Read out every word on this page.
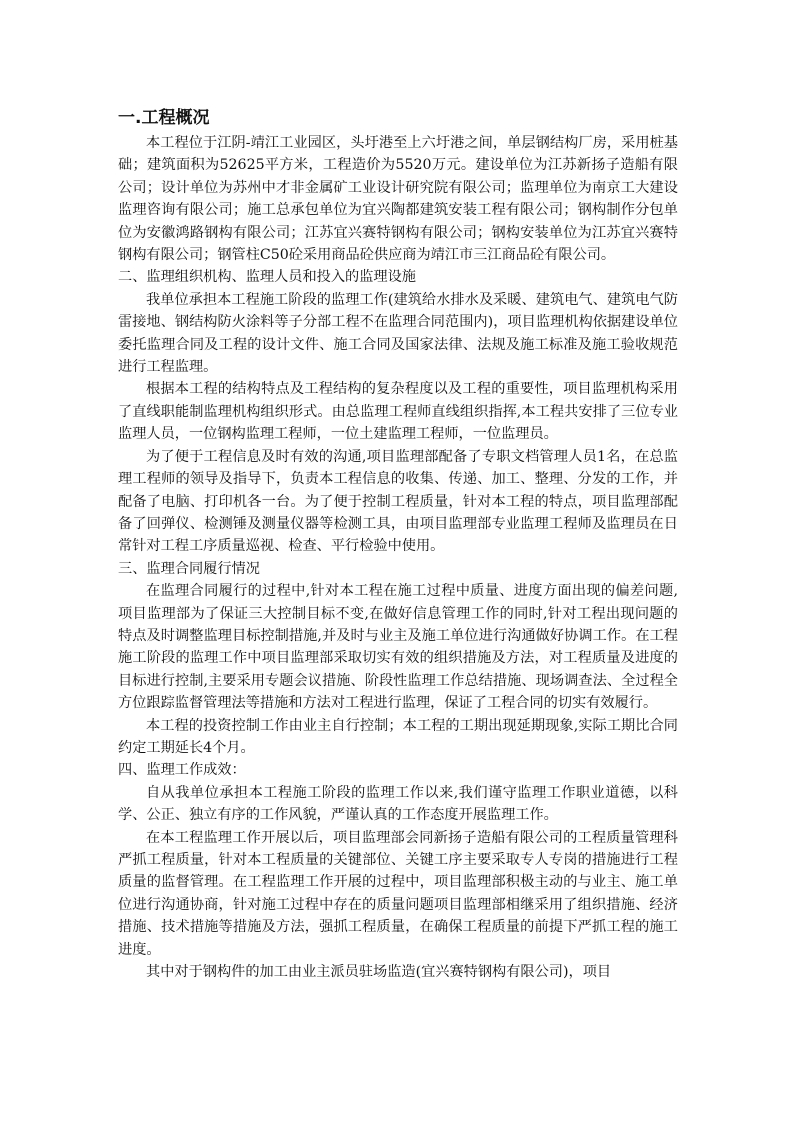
一.工程概况

本工程位于江阴-靖江工业园区，头圩港至上六圩港之间，单层钢结构厂房，采用桩基础；建筑面积为52625平方米，工程造价为5520万元。建设单位为江苏新扬子造船有限公司；设计单位为苏州中才非金属矿工业设计研究院有限公司；监理单位为南京工大建设监理咨询有限公司；施工总承包单位为宜兴陶都建筑安装工程有限公司；钢构制作分包单位为安徽鸿路钢构有限公司；江苏宜兴赛特钢构有限公司；钢构安装单位为江苏宜兴赛特钢构有限公司；钢管柱C50砼采用商品砼供应商为靖江市三江商品砼有限公司。

二、监理组织机构、监理人员和投入的监理设施

我单位承担本工程施工阶段的监理工作(建筑给水排水及采暖、建筑电气、建筑电气防雷接地、钢结构防火涂料等子分部工程不在监理合同范围内)，项目监理机构依据建设单位委托监理合同及工程的设计文件、施工合同及国家法律、法规及施工标准及施工验收规范进行工程监理。

根据本工程的结构特点及工程结构的复杂程度以及工程的重要性，项目监理机构采用了直线职能制监理机构组织形式。由总监理工程师直线组织指挥,本工程共安排了三位专业监理人员，一位钢构监理工程师，一位土建监理工程师，一位监理员。

为了便于工程信息及时有效的沟通,项目监理部配备了专职文档管理人员1名，在总监理工程师的领导及指导下，负责本工程信息的收集、传递、加工、整理、分发的工作，并配备了电脑、打印机各一台。为了便于控制工程质量，针对本工程的特点，项目监理部配备了回弹仪、检测锤及测量仪器等检测工具，由项目监理部专业监理工程师及监理员在日常针对工程工序质量巡视、检查、平行检验中使用。

三、监理合同履行情况

在监理合同履行的过程中,针对本工程在施工过程中质量、进度方面出现的偏差问题,项目监理部为了保证三大控制目标不变,在做好信息管理工作的同时,针对工程出现问题的特点及时调整监理目标控制措施,并及时与业主及施工单位进行沟通做好协调工作。在工程施工阶段的监理工作中项目监理部采取切实有效的组织措施及方法，对工程质量及进度的目标进行控制,主要采用专题会议措施、阶段性监理工作总结措施、现场调查法、全过程全方位跟踪监督管理法等措施和方法对工程进行监理，保证了工程合同的切实有效履行。

本工程的投资控制工作由业主自行控制；本工程的工期出现延期现象,实际工期比合同约定工期延长4个月。

四、监理工作成效：

自从我单位承担本工程施工阶段的监理工作以来,我们谨守监理工作职业道德，以科学、公正、独立有序的工作风貌，严谨认真的工作态度开展监理工作。

在本工程监理工作开展以后，项目监理部会同新扬子造船有限公司的工程质量管理科严抓工程质量，针对本工程质量的关键部位、关键工序主要采取专人专岗的措施进行工程质量的监督管理。在工程监理工作开展的过程中，项目监理部积极主动的与业主、施工单位进行沟通协商，针对施工过程中存在的质量问题项目监理部相继采用了组织措施、经济措施、技术措施等措施及方法，强抓工程质量，在确保工程质量的前提下严抓工程的施工进度。

其中对于钢构件的加工由业主派员驻场监造(宜兴赛特钢构有限公司)，项目
